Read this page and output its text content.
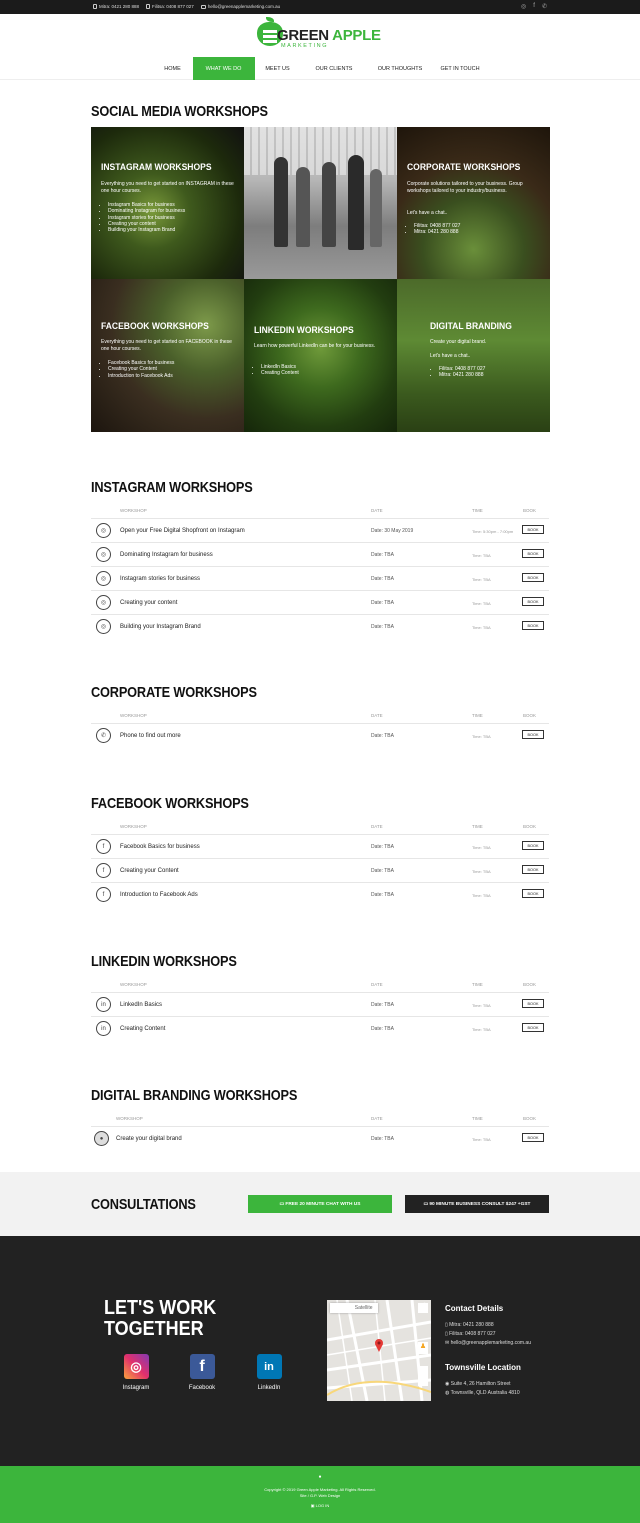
Mitra: 0421 280 888	Filitsa: 0408 877 027	hello@greenapplemarketing.com.au	◎ f ✆
GREEN APPLE
MARKETING
HOME	WHAT WE DO	MEET US	OUR CLIENTS	OUR THOUGHTS	GET IN TOUCH
SOCIAL MEDIA WORKSHOPS
INSTAGRAM WORKSHOPS

Everything you need to get started on INSTAGRAM in these one hour courses.

• Instagram Basics for business
• Dominating Instagram for business
• Instagram stories for business
• Creating your content
• Building your Instagram Brand
CORPORATE WORKSHOPS

Corporate solutions tailored to your business. Group workshops tailored to your industry/business.

Let's have a chat..

• Filitsa: 0408 877 027
• Mitra: 0421 280 888
FACEBOOK WORKSHOPS

Everything you need to get started on FACEBOOK in these one hour courses.

• Facebook Basics for business
• Creating your Content
• Introduction to Facebook Ads
LINKEDIN WORKSHOPS

Learn how powerful LinkedIn can be for your business.

• LinkedIn Basics
• Creating Content
DIGITAL BRANDING

Create your digital brand.

Let's have a chat..

• Filitsa: 0408 877 027
• Mitra: 0421 280 888
INSTAGRAM WORKSHOPS
WORKSHOP	DATE	TIME	BOOK
◎	Open your Free Digital Shopfront on Instagram	Date: 30 May 2019	Time: 5:30pm - 7:00pm	BOOK
◎	Dominating Instagram for business	Date: TBA	Time: TBA	BOOK
◎	Instagram stories for business	Date: TBA	Time: TBA	BOOK
◎	Creating your content	Date: TBA	Time: TBA	BOOK
◎	Building your Instagram Brand	Date: TBA	Time: TBA	BOOK
CORPORATE WORKSHOPS
WORKSHOP	DATE	TIME	BOOK
✆	Phone to find out more	Date: TBA	Time: TBA	BOOK
FACEBOOK WORKSHOPS
WORKSHOP	DATE	TIME	BOOK
f	Facebook Basics for business	Date: TBA	Time: TBA	BOOK
f	Creating your Content	Date: TBA	Time: TBA	BOOK
f	Introduction to Facebook Ads	Date: TBA	Time: TBA	BOOK
LINKEDIN WORKSHOPS
WORKSHOP	DATE	TIME	BOOK
in	LinkedIn Basics	Date: TBA	Time: TBA	BOOK
in	Creating Content	Date: TBA	Time: TBA	BOOK
DIGITAL BRANDING WORKSHOPS
WORKSHOP	DATE	TIME	BOOK
●	Create your digital brand	Date: TBA	Time: TBA	BOOK
CONSULTATIONS	▭ FREE 20 MINUTE CHAT WITH US	▭ 90 MINUTE BUSINESS CONSULT $247 +GST
LET'S WORK
TOGETHER
◎
Instagram
f
Facebook
in
LinkedIn
Map	Satellite	⛶
♟
+
−
Contact Details
▯ Mitra: 0421 280 888
▯ Filitsa: 0408 877 027
✉ hello@greenapplemarketing.com.au
Townsville Location
◉ Suite 4, 26 Hamilton Street
◍ Townsville, QLD Australia 4810
●
Copyright © 2019 Green Apple Marketing. All Rights Reserved.
Site / G.P. Web Design
▣ LOG IN
